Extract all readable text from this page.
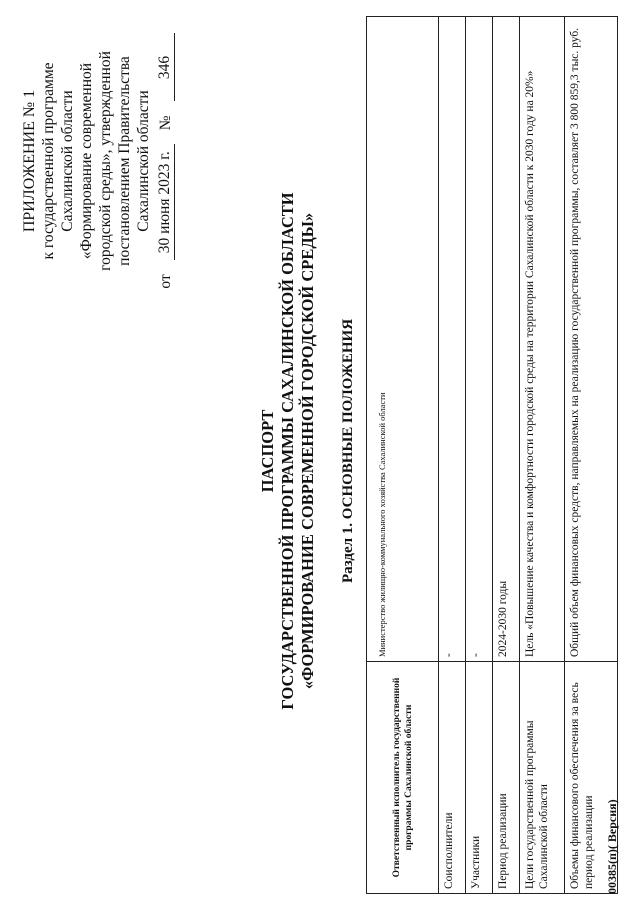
ПРИЛОЖЕНИЕ № 1 к государственной программе Сахалинской области «Формирование современной городской среды», утвержденной постановлением Правительства Сахалинской области
от
30 июня 2023 г.
№
346
ПАСПОРТ ГОСУДАРСТВЕННОЙ ПРОГРАММЫ САХАЛИНСКОЙ ОБЛАСТИ «ФОРМИРОВАНИЕ СОВРЕМЕННОЙ ГОРОДСКОЙ СРЕДЫ» Раздел 1. ОСНОВНЫЕ ПОЛОЖЕНИЯ
Ответственный исполнитель государственной программы Сахалинской области	Министерство жилищно-коммунального хозяйства Сахалинской области
Соисполнители	-
Участники	-
Период реализации	2024-2030 годы
Цели государственной программы Сахалинской области	Цель «Повышение качества и комфортности городской среды на территории Сахалинской области к 2030 году на 20%»
Объемы финансового обеспечения за весь период реализации	Общий объем финансовых средств, направляемых на реализацию государственной программы, составляет 3 800 859,3 тыс. руб.
00385(п)( Версия)
